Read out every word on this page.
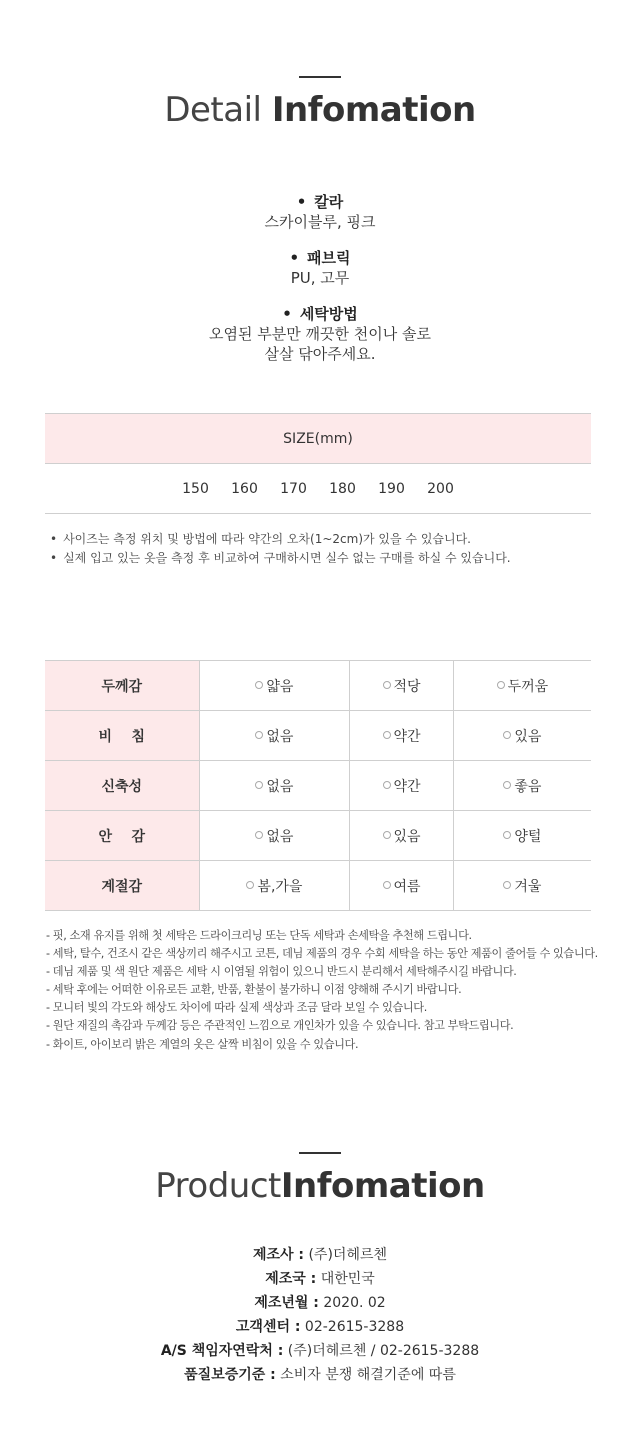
Detail Infomation
• 칼라
스카이블루, 핑크
• 패브릭
PU, 고무
• 세탁방법
오염된 부분만 깨끗한 천이나 솔로
살살 닦아주세요.
SIZE(mm)
150	160	170	180	190	200
• 사이즈는 측정 위치 및 방법에 따라 약간의 오차(1~2cm)가 있을 수 있습니다.
• 실제 입고 있는 옷을 측정 후 비교하여 구매하시면 실수 없는 구매를 하실 수 있습니다.
두께감	얇음	적당	두꺼움
비    침	없음	약간	있음
신축성	없음	약간	좋음
안    감	없음	있음	양털
계절감	봄,가을	여름	겨울
- 핏, 소재 유지를 위해 첫 세탁은 드라이크리닝 또는 단독 세탁과 손세탁을 추천해 드립니다.
- 세탁, 탈수, 건조시 같은 색상끼리 해주시고 코튼, 데님 제품의 경우 수회 세탁을 하는 동안 제품이 줄어들 수 있습니다.
- 데님 제품 및 색 원단 제품은 세탁 시 이염될 위험이 있으니 반드시 분리해서 세탁해주시길 바랍니다.
- 세탁 후에는 어떠한 이유로든 교환, 반품, 환불이 불가하니 이점 양해해 주시기 바랍니다.
- 모니터 빛의 각도와 해상도 차이에 따라 실제 색상과 조금 달라 보일 수 있습니다.
- 원단 재질의 촉감과 두께감 등은 주관적인 느낌으로 개인차가 있을 수 있습니다. 참고 부탁드립니다.
- 화이트, 아이보리 밝은 계열의 옷은 살짝 비침이 있을 수 있습니다.
ProductInfomation
제조사 : (주)더헤르첸
제조국 : 대한민국
제조년월 : 2020. 02
고객센터 : 02-2615-3288
A/S 책임자연락처 : (주)더헤르첸 / 02-2615-3288
품질보증기준 : 소비자 분쟁 해결기준에 따름
